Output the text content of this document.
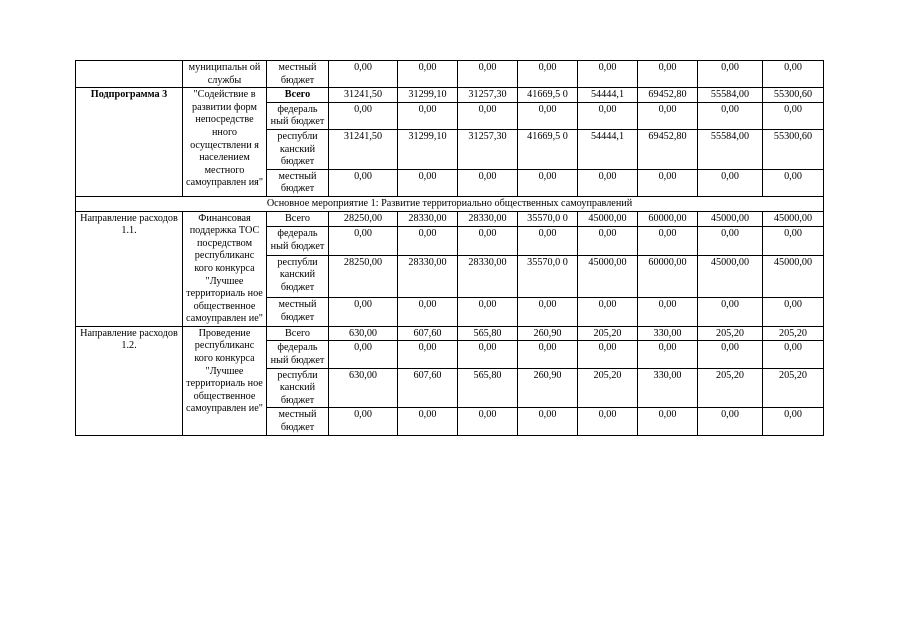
	муниципальн ой службы	местный бюджет	0,00	0,00	0,00	0,00	0,00	0,00	0,00	0,00
Подпрограмма 3	"Содействие в развитии форм непосредстве нного осуществлени я населением местного самоуправлен ия"	Всего	31241,50	31299,10	31257,30	41669,5 0	54444,1	69452,80	55584,00	55300,60
		федераль ный бюджет	0,00	0,00	0,00	0,00	0,00	0,00	0,00	0,00
		республи канский бюджет	31241,50	31299,10	31257,30	41669,5 0	54444,1	69452,80	55584,00	55300,60
		местный бюджет	0,00	0,00	0,00	0,00	0,00	0,00	0,00	0,00
Основное мероприятие 1: Развитие территориально общественных самоуправлений										
Направление расходов 1.1.	Финансовая поддержка ТОС посредством республиканс кого конкурса "Лучшее территориаль ное общественное самоуправлен ие"	Всего	28250,00	28330,00	28330,00	35570,0 0	45000,00	60000,00	45000,00	45000,00
		федераль ный бюджет	0,00	0,00	0,00	0,00	0,00	0,00	0,00	0,00
		республи канский бюджет	28250,00	28330,00	28330,00	35570,0 0	45000,00	60000,00	45000,00	45000,00
		местный бюджет	0,00	0,00	0,00	0,00	0,00	0,00	0,00	0,00
Направление расходов 1.2.	Проведение республиканс кого конкурса "Лучшее территориаль ное общественное самоуправлен ие"	Всего	630,00	607,60	565,80	260,90	205,20	330,00	205,20	205,20
		федераль ный бюджет	0,00	0,00	0,00	0,00	0,00	0,00	0,00	0,00
		республи канский бюджет	630,00	607,60	565,80	260,90	205,20	330,00	205,20	205,20
		местный бюджет	0,00	0,00	0,00	0,00	0,00	0,00	0,00	0,00
